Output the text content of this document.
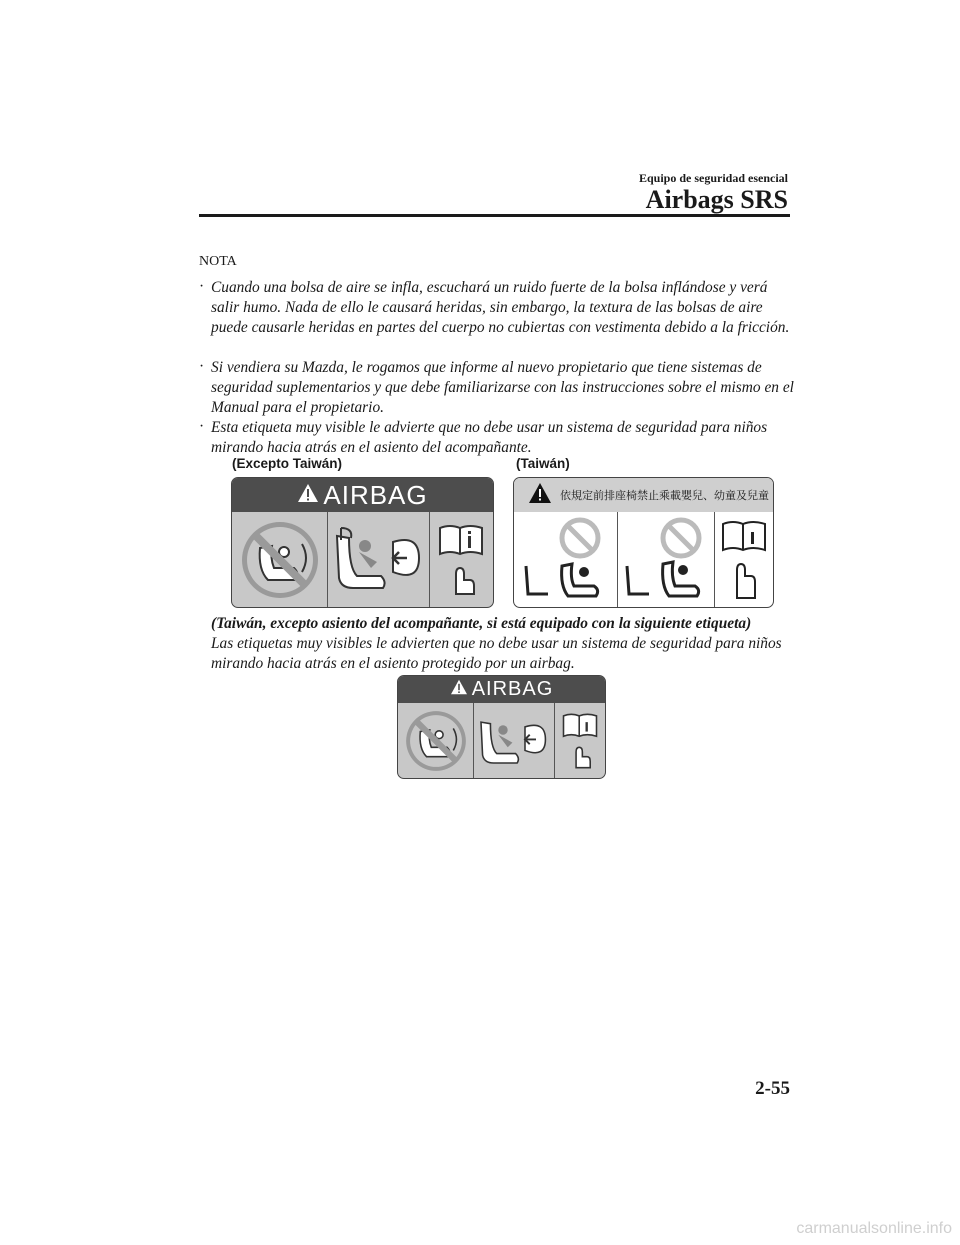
Equipo de seguridad esencial
Airbags SRS
NOTA
· Cuando una bolsa de aire se infla, escuchará un ruido fuerte de la bolsa inflándose y verá salir humo. Nada de ello le causará heridas, sin embargo, la textura de las bolsas de aire puede causarle heridas en partes del cuerpo no cubiertas con vestimenta debido a la fricción.
· Si vendiera su Mazda, le rogamos que informe al nuevo propietario que tiene sistemas de seguridad suplementarios y que debe familiarizarse con las instrucciones sobre el mismo en el Manual para el propietario.
· Esta etiqueta muy visible le advierte que no debe usar un sistema de seguridad para niños mirando hacia atrás en el asiento del acompañante.
(Excepto Taiwán)	(Taiwán)
AIRBAG	依規定前排座椅禁止乘載嬰兒、幼童及兒童
(Taiwán, excepto asiento del acompañante, si está equipado con la siguiente etiqueta)
Las etiquetas muy visibles le advierten que no debe usar un sistema de seguridad para niños mirando hacia atrás en el asiento protegido por un airbag.
AIRBAG
2-55
carmanualsonline.info
